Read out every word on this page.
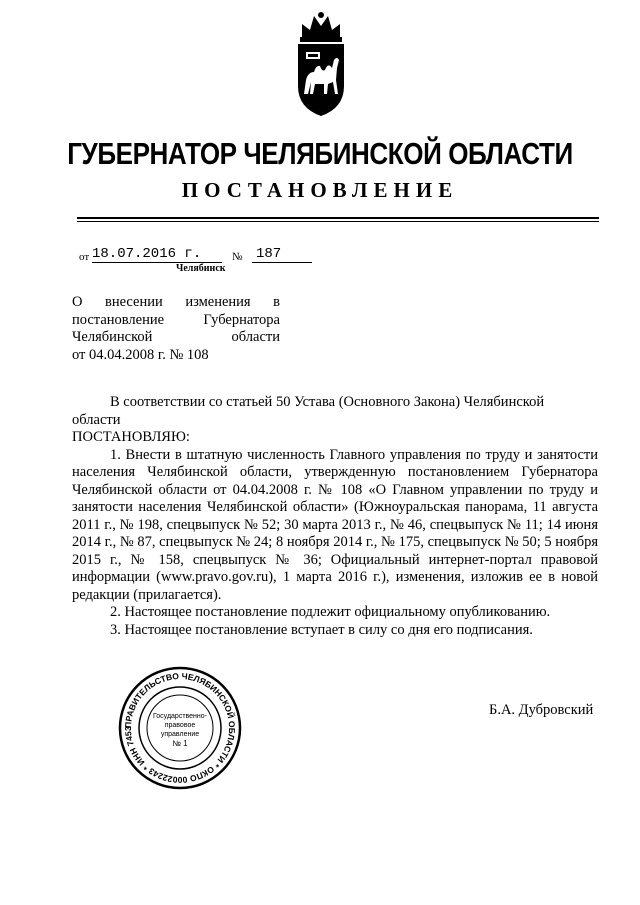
ГУБЕРНАТОР ЧЕЛЯБИНСКОЙ ОБЛАСТИ
ПОСТАНОВЛЕНИЕ
от 18.07.2016 г.	№ 187
Челябинск
О внесении изменения в
постановление Губернатора
Челябинской области
от 04.04.2008 г. № 108

В соответствии со статьей 50 Устава (Основного Закона) Челябинской

области

ПОСТАНОВЛЯЮ:

1. Внести в штатную численность Главного управления по труду и занятости населения Челябинской области, утвержденную постановлением Губернатора Челябинской области от 04.04.2008 г. № 108 «О Главном управлении по труду и занятости населения Челябинской области» (Южноуральская панорама, 11 августа 2011 г., № 198, спецвыпуск № 52; 30 марта 2013 г., № 46, спецвыпуск № 11; 14 июня 2014 г., № 87, спецвыпуск № 24; 8 ноября 2014 г., № 175, спецвыпуск № 50; 5 ноября 2015 г., № 158, спецвыпуск № 36; Официальный интернет-портал правовой информации (www.pravo.gov.ru), 1 марта 2016 г.), изменения, изложив ее в новой редакции (прилагается).

2. Настоящее постановление подлежит официальному опубликованию.

3. Настоящее постановление вступает в силу со дня его подписания.

Б.А. Дубровский
ПРАВИТЕЛЬСТВО ЧЕЛЯБИНСКОЙ ОБЛАСТИ * ОКПО 00022243 * ИНН 7453
Государственно-
правовое
управление
№ 1
